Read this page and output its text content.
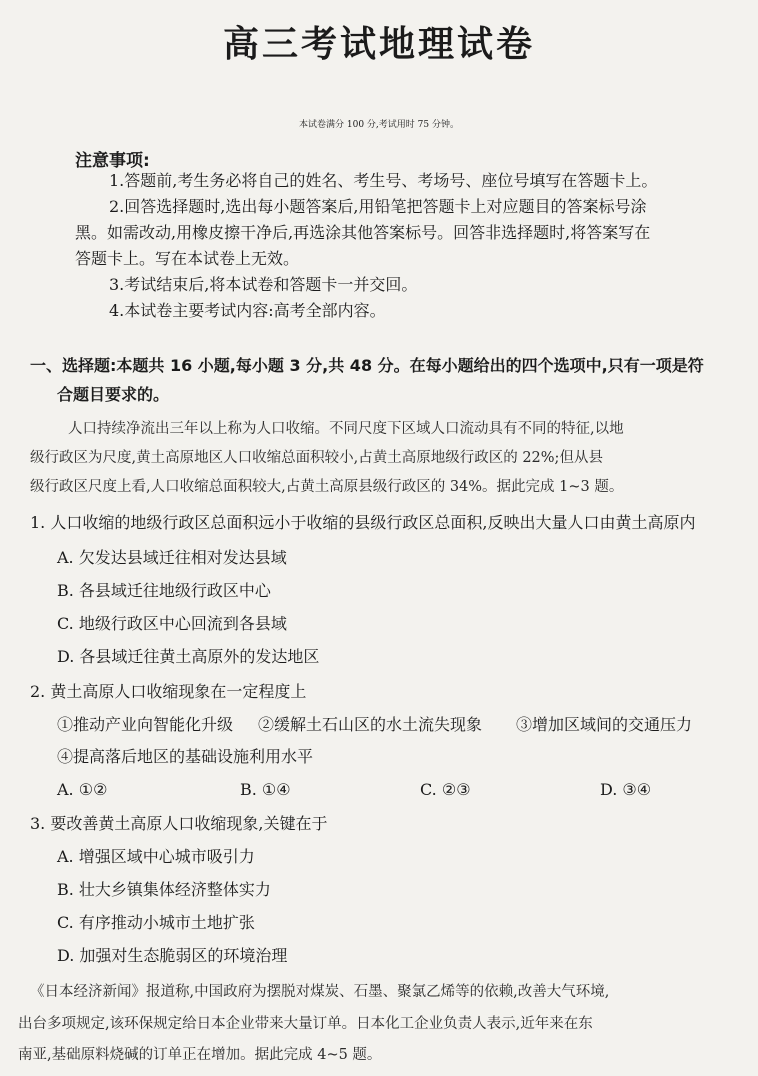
高三考试地理试卷
本试卷满分 100 分,考试用时 75 分钟。
注意事项:
1.答题前,考生务必将自己的姓名、考生号、考场号、座位号填写在答题卡上。
2.回答选择题时,选出每小题答案后,用铅笔把答题卡上对应题目的答案标号涂
黑。如需改动,用橡皮擦干净后,再选涂其他答案标号。回答非选择题时,将答案写在
答题卡上。写在本试卷上无效。
3.考试结束后,将本试卷和答题卡一并交回。
4.本试卷主要考试内容:高考全部内容。
一、选择题:本题共 16 小题,每小题 3 分,共 48 分。在每小题给出的四个选项中,只有一项是符
合题目要求的。
人口持续净流出三年以上称为人口收缩。不同尺度下区域人口流动具有不同的特征,以地
级行政区为尺度,黄土高原地区人口收缩总面积较小,占黄土高原地级行政区的 22%;但从县
级行政区尺度上看,人口收缩总面积较大,占黄土高原县级行政区的 34%。据此完成 1~3 题。
1. 人口收缩的地级行政区总面积远小于收缩的县级行政区总面积,反映出大量人口由黄土高原内
A. 欠发达县域迁往相对发达县域
B. 各县域迁往地级行政区中心
C. 地级行政区中心回流到各县域
D. 各县域迁往黄土高原外的发达地区
2. 黄土高原人口收缩现象在一定程度上
①推动产业向智能化升级 ②缓解土石山区的水土流失现象 ③增加区域间的交通压力
④提高落后地区的基础设施利用水平
A. ①②	B. ①④	C. ②③	D. ③④
3. 要改善黄土高原人口收缩现象,关键在于
A. 增强区域中心城市吸引力
B. 壮大乡镇集体经济整体实力
C. 有序推动小城市土地扩张
D. 加强对生态脆弱区的环境治理
《日本经济新闻》报道称,中国政府为摆脱对煤炭、石墨、聚氯乙烯等的依赖,改善大气环境,
出台多项规定,该环保规定给日本企业带来大量订单。日本化工企业负责人表示,近年来在东
南亚,基础原料烧碱的订单正在增加。据此完成 4~5 题。
